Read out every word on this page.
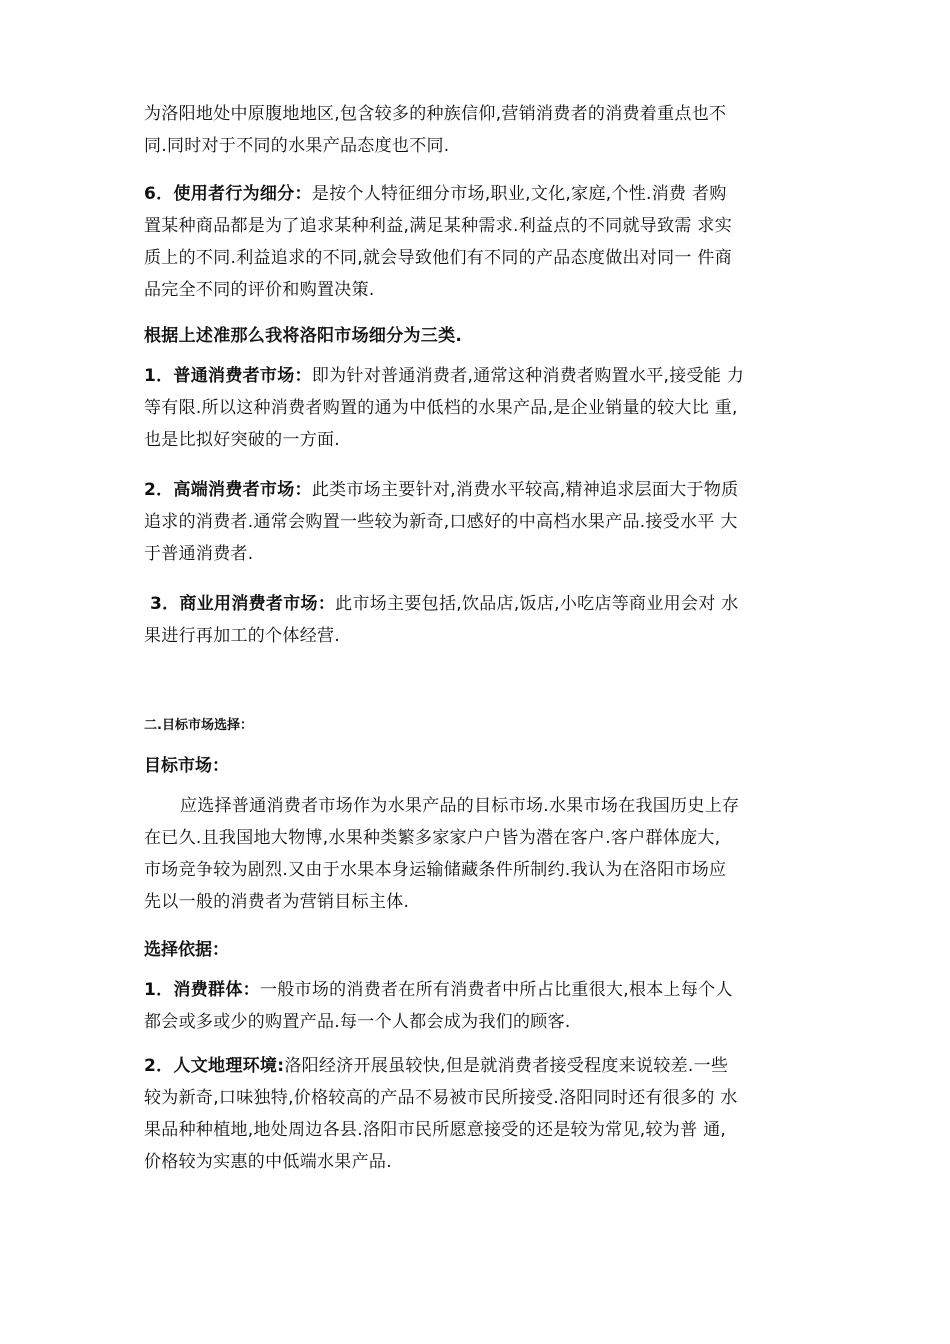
为洛阳地处中原腹地地区,包含较多的种族信仰,营销消费者的消费着重点也不
同.同时对于不同的水果产品态度也不同.
6．使用者行为细分：是按个人特征细分市场,职业,文化,家庭,个性.消费 者购
置某种商品都是为了追求某种利益,满足某种需求.利益点的不同就导致需 求实
质上的不同.利益追求的不同,就会导致他们有不同的产品态度做出对同一 件商
品完全不同的评价和购置决策.
根据上述准那么我将洛阳市场细分为三类.
1．普通消费者市场：即为针对普通消费者,通常这种消费者购置水平,接受能 力
等有限.所以这种消费者购置的通为中低档的水果产品,是企业销量的较大比 重,
也是比拟好突破的一方面.
2．高端消费者市场：此类市场主要针对,消费水平较高,精神追求层面大于物质
追求的消费者.通常会购置一些较为新奇,口感好的中高档水果产品.接受水平 大
于普通消费者.
3．商业用消费者市场：此市场主要包括,饮品店,饭店,小吃店等商业用会对 水
果进行再加工的个体经营.
二.目标市场选择：
目标市场：
应选择普通消费者市场作为水果产品的目标市场.水果市场在我国历史上存
在已久.且我国地大物博,水果种类繁多家家户户皆为潜在客户.客户群体庞大,
市场竞争较为剧烈.又由于水果本身运输储藏条件所制约.我认为在洛阳市场应
先以一般的消费者为营销目标主体.
选择依据：
1．消费群体：一般市场的消费者在所有消费者中所占比重很大,根本上每个人
都会或多或少的购置产品.每一个人都会成为我们的顾客.
2．人文地理环境:洛阳经济开展虽较快,但是就消费者接受程度来说较差.一些
较为新奇,口味独特,价格较高的产品不易被市民所接受.洛阳同时还有很多的 水
果品种种植地,地处周边各县.洛阳市民所愿意接受的还是较为常见,较为普 通,
价格较为实惠的中低端水果产品.
